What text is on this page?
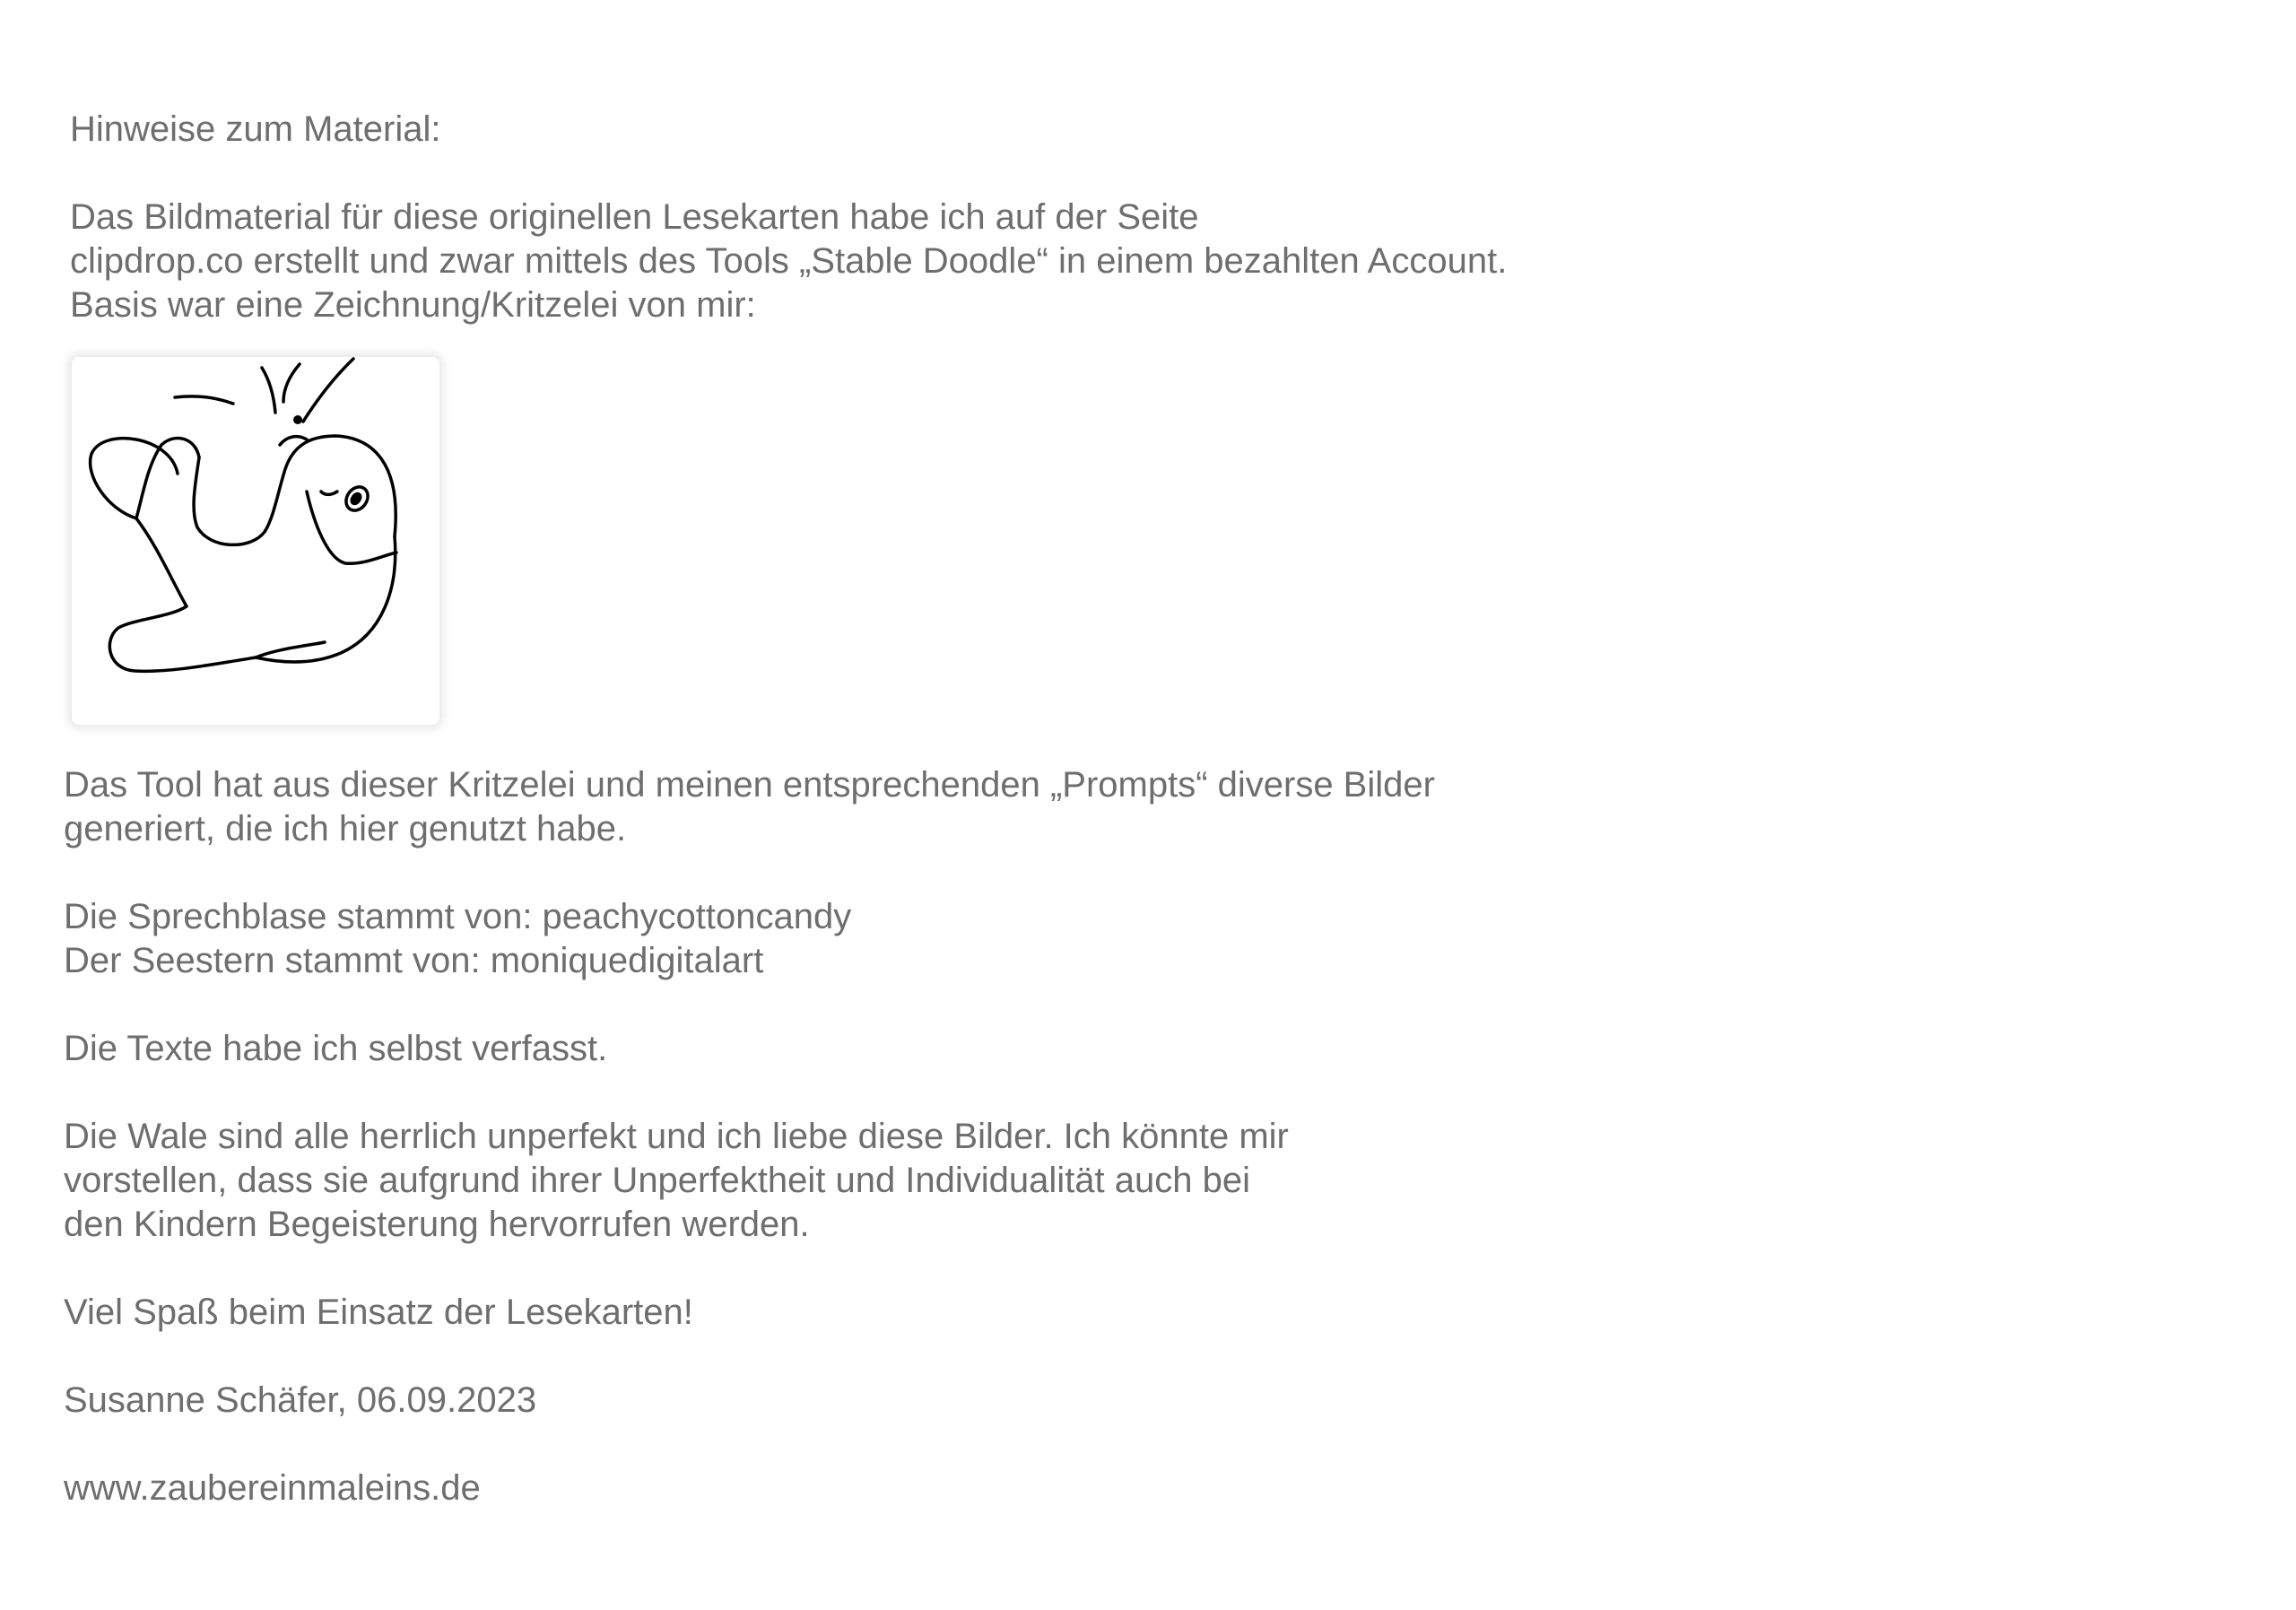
Hinweise zum Material:

Das Bildmaterial für diese originellen Lesekarten habe ich auf der Seite

clipdrop.co erstellt und zwar mittels des Tools „Stable Doodle“ in einem bezahlten Account.

Basis war eine Zeichnung/Kritzelei von mir:

Das Tool hat aus dieser Kritzelei und meinen entsprechenden „Prompts“ diverse Bilder

generiert, die ich hier genutzt habe.

Die Sprechblase stammt von: peachycottoncandy

Der Seestern stammt von: moniquedigitalart

Die Texte habe ich selbst verfasst.

Die Wale sind alle herrlich unperfekt und ich liebe diese Bilder. Ich könnte mir

vorstellen, dass sie aufgrund ihrer Unperfektheit und Individualität auch bei

den Kindern Begeisterung hervorrufen werden.

Viel Spaß beim Einsatz der Lesekarten!

Susanne Schäfer, 06.09.2023

www.zaubereinmaleins.de
